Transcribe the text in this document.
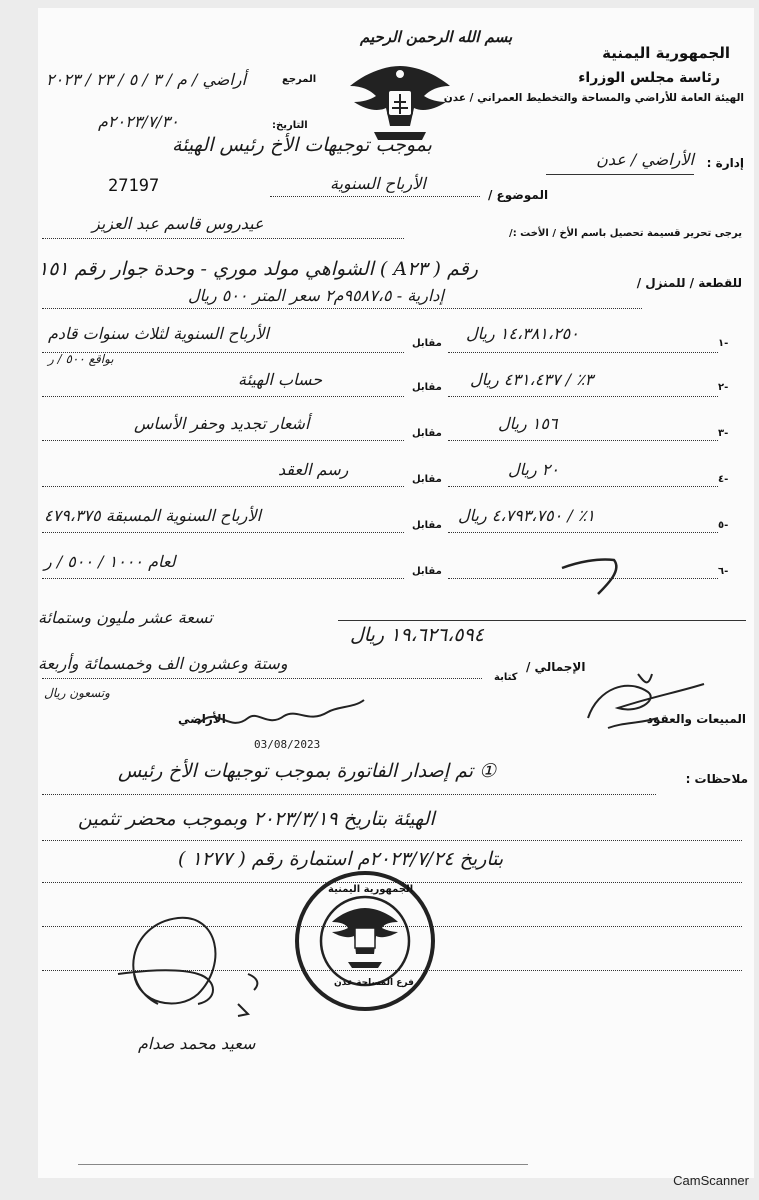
بسم الله الرحمن الرحيم
الجمهورية اليمنية
رئاسة مجلس الوزراء
الهيئة العامة للأراضي والمساحة والتخطيط العمراني / عدن
إدارة :
الأراضي / عدن
المرجع
أراضي / م / ٣ / ٥ / ٢٣ / ٢٠٢٣
التاريخ:
٢٠٢٣/٧/٣٠م
بموجب توجيهات الأخ رئيس الهيئة
27197	الموضوع /
الأرباح السنوية
يرجى تحرير قسيمة تحصيل باسم الأخ / الأخت :/
عيدروس قاسم عبد العزيز
للقطعة / للمنزل /
رقم ( A٢٣ ) الشواهي مولد موري - وحدة جوار رقم ١٥١
إدارية - ٩٥٨٧،٥م٢ سعر المتر ٥٠٠ ريال
-١
١٤،٣٨١،٢٥٠ ريال
مقابل
الأرباح السنوية لثلاث سنوات قادم
بواقع ٥٠٠ / ر
-٢
٣٪ / ٤٣١،٤٣٧ ريال
مقابل
حساب الهيئة
-٣
١٥٦ ريال
مقابل
أشعار تجديد وحفر الأساس
-٤
٢٠ ريال
مقابل
رسم العقد
-٥
١٪ / ٤،٧٩٣،٧٥٠ ريال
مقابل
الأرباح السنوية المسبقة ٤٧٩،٣٧٥
-٦
مقابل
لعام ١٠٠٠ / ٥٠٠ / ر
تسعة عشر مليون وستمائة
١٩،٦٢٦،٥٩٤ ريال
الإجمالي /
كتابة
وستة وعشرون الف وخمسمائة وأربعة
وتسعون ريال
المبيعات والعقود
الأراضي
03/08/2023
ملاحظات :
① تم إصدار الفاتورة بموجب توجيهات الأخ رئيس
الهيئة بتاريخ ٢٠٢٣/٣/١٩ وبموجب محضر تثمين
بتاريخ ٢٠٢٣/٧/٢٤م استمارة رقم ( ١٢٧٧ )
الجمهورية اليمنية
فرع المساحة عدن
سعيد محمد صدام
CamScanner
